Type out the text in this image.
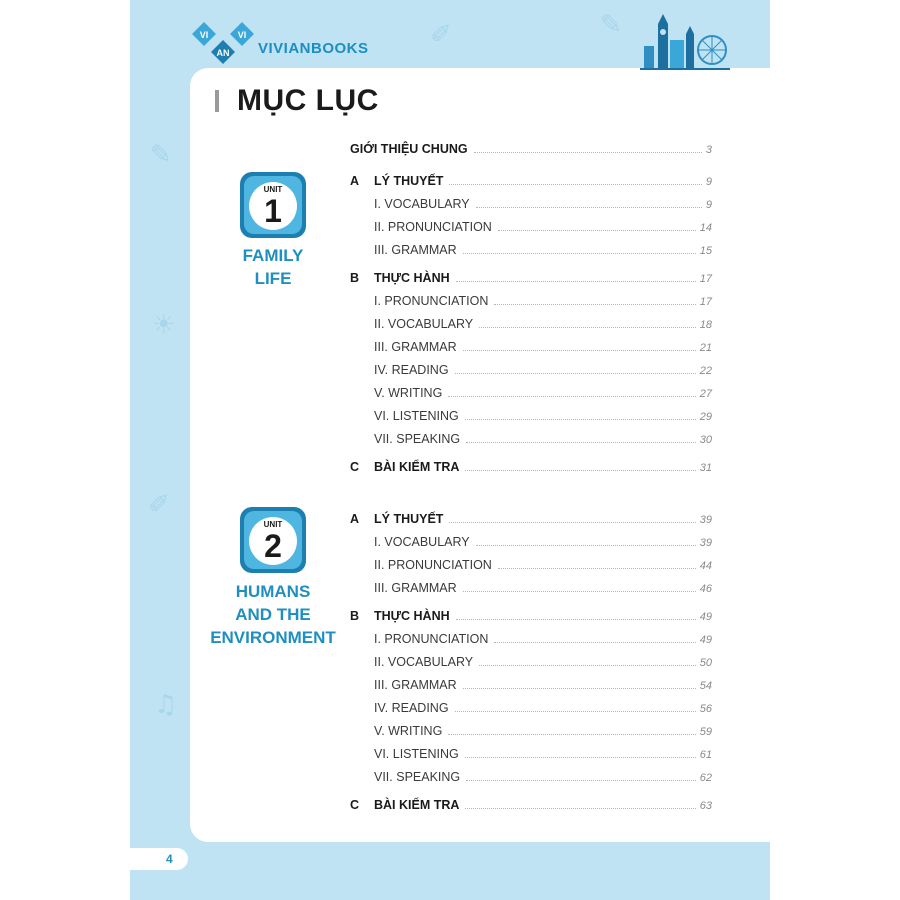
✎
☀
✐
♫
✎
✐
VI	VI
AN VIVIANBOOKS
MỤC LỤC
UNIT
1
FAMILY
LIFE
UNIT
2
HUMANS
AND THE
ENVIRONMENT
GIỚI THIỆU CHUNG	3
A	LÝ THUYẾT	9
I. VOCABULARY	9
II. PRONUNCIATION	14
III. GRAMMAR	15
B	THỰC HÀNH	17
I. PRONUNCIATION	17
II. VOCABULARY	18
III. GRAMMAR	21
IV. READING	22
V. WRITING	27
VI. LISTENING	29
VII. SPEAKING	30
C	BÀI KIỂM TRA	31
A	LÝ THUYẾT	39
I. VOCABULARY	39
II. PRONUNCIATION	44
III. GRAMMAR	46
B	THỰC HÀNH	49
I. PRONUNCIATION	49
II. VOCABULARY	50
III. GRAMMAR	54
IV. READING	56
V. WRITING	59
VI. LISTENING	61
VII. SPEAKING	62
C	BÀI KIỂM TRA	63
4
